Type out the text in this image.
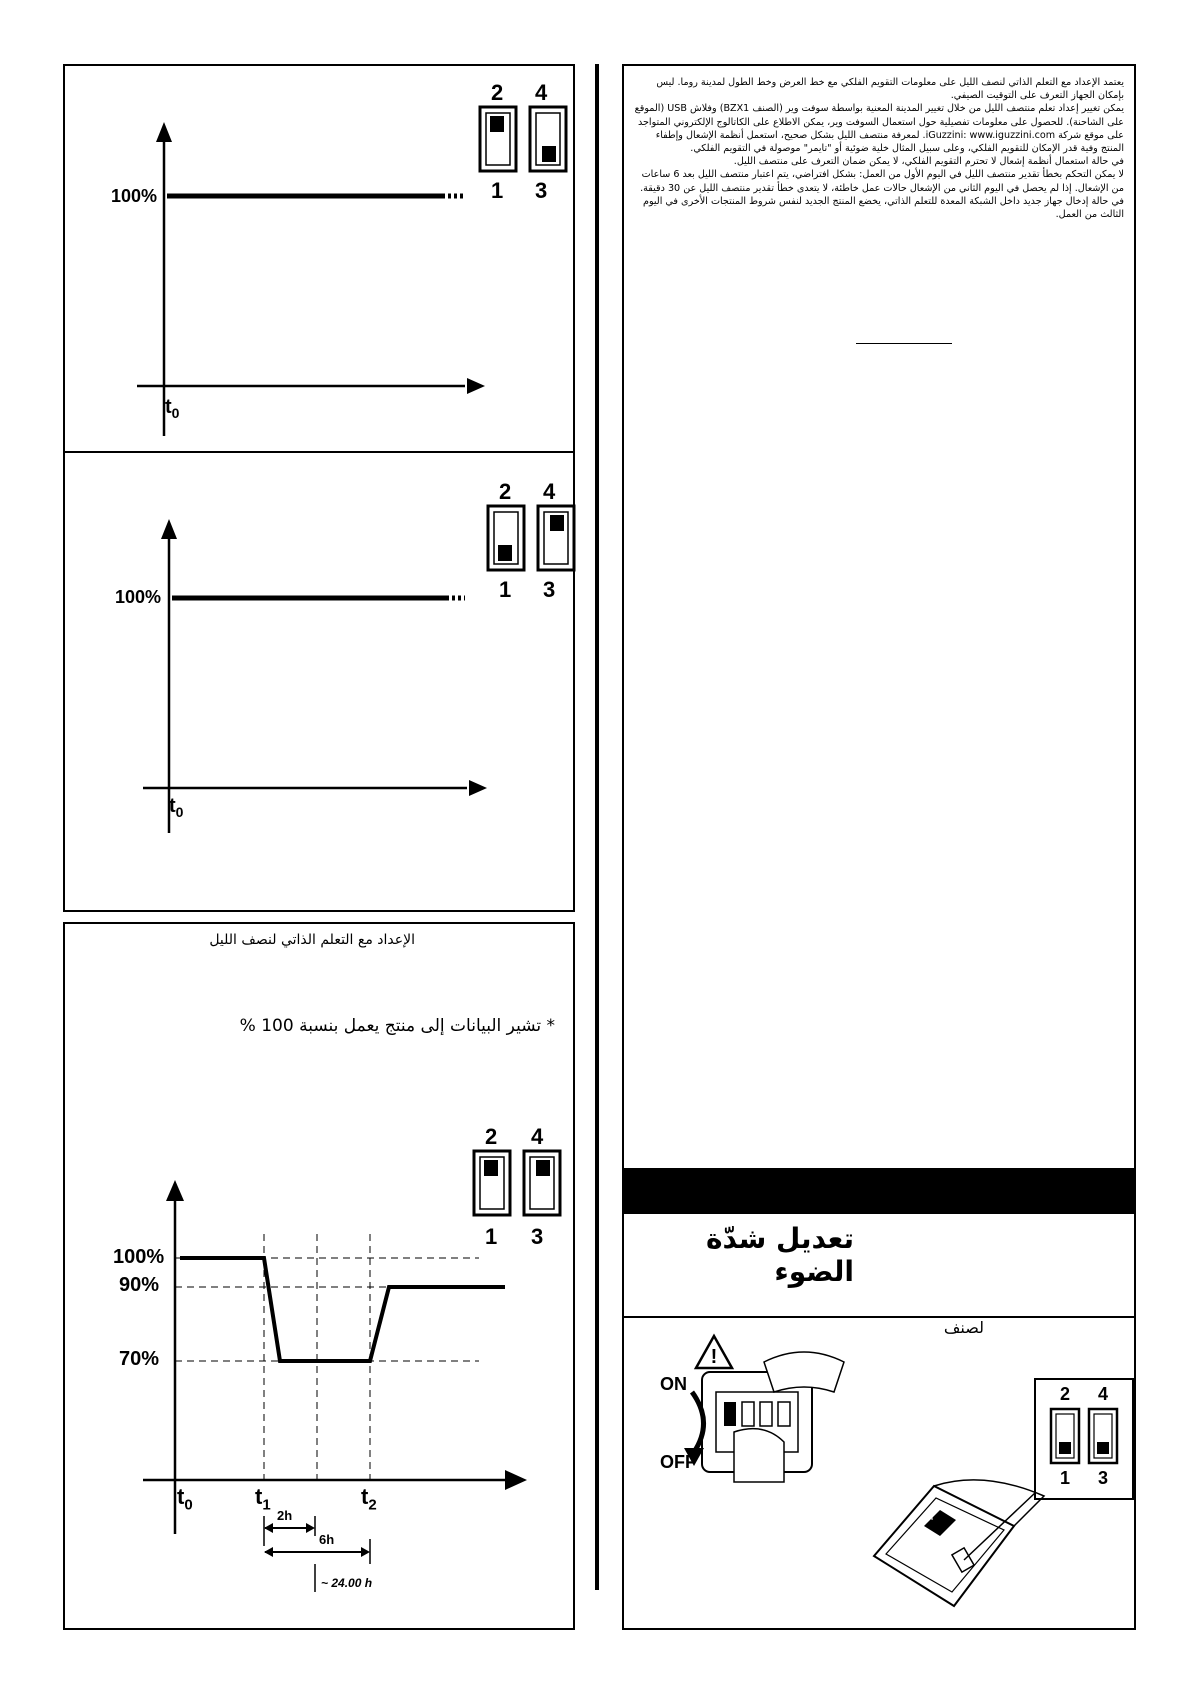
2 4
1 3
100%
$t_0$
2 4
1 3
100%
$t_0$
الإعداد مع التعلم الذاتي لنصف الليل
* تشير البيانات إلى منتج يعمل بنسبة 100 %
2 4
1 3
100%
90%
70%
$t_0$	$t_1$	$t_2$
2h
6h
~ 24.00 h

يعتمد الإعداد مع التعلم الذاتي لنصف الليل على معلومات التقويم الفلكي مع خط العرض وخط الطول لمدينة روما. ليس بإمكان الجهاز التعرف على التوقيت الصيفي.

يمكن تغيير إعداد تعلم منتصف الليل من خلال تغيير المدينة المعنية بواسطة سوفت وير (الصنف BZX1) وفلاش USB (الموقع على الشاحنة). للحصول على معلومات تفصيلية حول استعمال السوفت وير، يمكن الاطلاع على الكاتالوج الإلكتروني المتواجد على موقع شركة iGuzzini: www.iguzzini.com. لمعرفة منتصف الليل بشكل صحيح، استعمل أنظمة الإشعال وإطفاء المنتج وفية قدر الإمكان للتقويم الفلكي، وعلى سبيل المثال خلية ضوئية أو "تايمر" موصولة في التقويم الفلكي.

في حالة استعمال أنظمة إشعال لا تحترم التقويم الفلكي، لا يمكن ضمان التعرف على منتصف الليل.

لا يمكن التحكم بخطأ تقدير منتصف الليل في اليوم الأول من العمل: بشكل افتراضي، يتم اعتبار منتصف الليل بعد 6 ساعات من الإشعال. إذا لم يحصل في اليوم الثاني من الإشعال حالات عمل خاطئة، لا يتعدى خطأ تقدير منتصف الليل عن 30 دقيقة. في حالة إدخال جهاز جديد داخل الشبكة المعدة للتعلم الذاتي، يخضع المنتج الجديد لنفس شروط المنتجات الأخرى في اليوم الثالث من العمل.

تعديل شدّة الضوء
لصنف
!
ON
OFF
2 4
1 3
H
